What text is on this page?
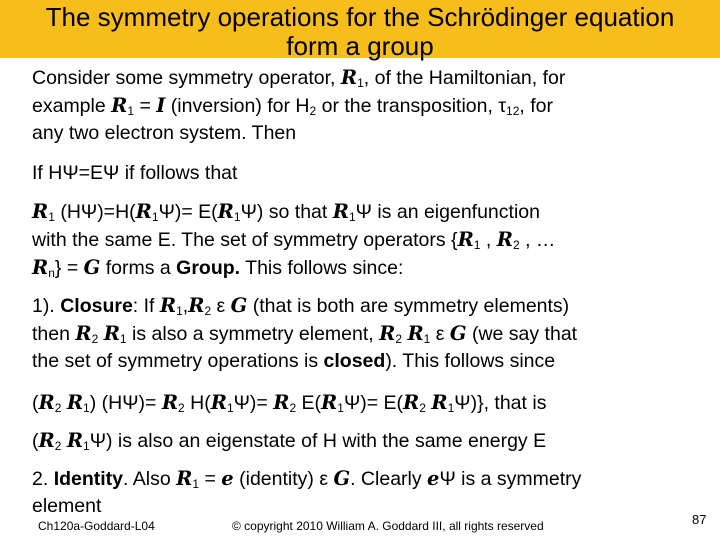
The symmetry operations for the Schrödinger equation
form a group
Consider some symmetry operator, $R_1$, of the Hamiltonian, for
example $R_1 = I$ (inversion) for $H_2$ or the transposition, $\tau_{12}$, for
any two electron system. Then
If HΨ=EΨ if follows that
$R_1$ $(H\Psi)=H(R_1\Psi)= E(R_1\Psi)$ so that $R_1\Psi$ is an eigenfunction
with the same E. The set of symmetry operators {$R_1$ , $R_2$ , …
$R_n\} = G$ forms a Group. This follows since:
1). Closure: If $R_1,R_2$ ε G (that is both are symmetry elements)
then $R_2$ $R_1$ is also a symmetry element, $R_2$ $R_1$ ε G (we say that
the set of symmetry operations is closed). This follows since
($R_2$ $R_1$) $(H\Psi)= R_2$ $H(R_1\Psi)= R_2$ $E(R_1\Psi)= E(R_2$ $R_1\Psi$)}, that is
($R_2$ $R_1\Psi$) is also an eigenstate of H with the same energy E
2. Identity. Also $R_1 = e$ (identity) ε G. Clearly eΨ is a symmetry
element
Ch120a-Goddard-L04	© copyright 2010 William A. Goddard III, all rights reserved	87
